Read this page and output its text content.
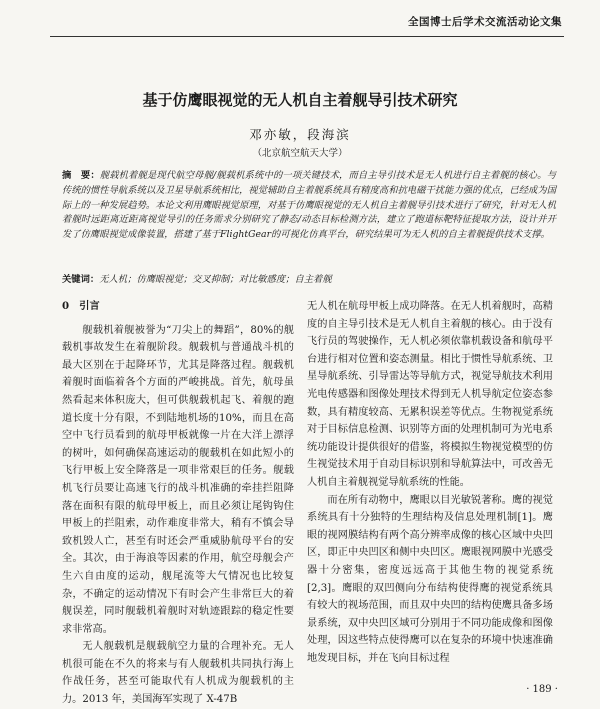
全国博士后学术交流活动论文集
基于仿鹰眼视觉的无人机自主着舰导引技术研究
邓亦敏，段海滨
（北京航空航天大学）
摘　要：舰载机着舰是现代航空母舰/舰载机系统中的一项关键技术，而自主导引技术是无人机进行自主着舰的核心。与传统的惯性导航系统以及卫星导航系统相比，视觉辅助自主着舰系统具有精度高和抗电磁干扰能力强的优点，已经成为国际上的一种发展趋势。本论文利用鹰眼视觉原理，对基于仿鹰眼视觉的无人机自主着舰导引技术进行了研究，针对无人机着舰时远距离近距离视觉导引的任务需求分别研究了静态/动态目标检测方法，建立了跑道标靶特征提取方法，设计并开发了仿鹰眼视觉成像装置，搭建了基于FlightGear的可视化仿真平台，研究结果可为无人机的自主着舰提供技术支撑。
关键词：无人机；仿鹰眼视觉；交叉抑制；对比敏感度；自主着舰
0　引言

舰载机着舰被誉为“刀尖上的舞蹈”，80%的舰载机事故发生在着舰阶段。舰载机与普通战斗机的最大区别在于起降环节，尤其是降落过程。舰载机着舰时面临着各个方面的严峻挑战。首先，航母虽然看起来体积庞大，但可供舰载机起飞、着舰的跑道长度十分有限，不到陆地机场的10%，而且在高空中飞行员看到的航母甲板就像一片在大洋上漂浮的树叶，如何确保高速运动的舰载机在如此短小的飞行甲板上安全降落是一项非常艰巨的任务。舰载机飞行员要让高速飞行的战斗机准确的牵挂拦阻降落在面积有限的航母甲板上，而且必须让尾钩钩住甲板上的拦阻索，动作难度非常大，稍有不慎会导致机毁人亡，甚至有时还会严重威胁航母平台的安全。其次，由于海浪等因素的作用，航空母舰会产生六自由度的运动，舰尾流等大气情况也比较复杂，不确定的运动情况下有时会产生非常巨大的着舰误差，同时舰载机着舰时对轨迹跟踪的稳定性要求非常高。

无人舰载机是舰载航空力量的合理补充。无人机很可能在不久的将来与有人舰载机共同执行海上作战任务，甚至可能取代有人机成为舰载机的主力。2013 年，美国海军实现了 X-47B

无人机在航母甲板上成功降落。在无人机着舰时，高精度的自主导引技术是无人机自主着舰的核心。由于没有飞行员的驾驶操作，无人机必须依靠机载设备和航母平台进行相对位置和姿态测量。相比于惯性导航系统、卫星导航系统、引导雷达等导航方式，视觉导航技术利用光电传感器和图像处理技术得到无人机导航定位姿态参数，具有精度较高、无累积误差等优点。生物视觉系统对于目标信息检测、识别等方面的处理机制可为光电系统功能设计提供很好的借鉴，将模拟生物视觉模型的仿生视觉技术用于自动目标识别和导航算法中，可改善无人机自主着舰视觉导航系统的性能。

而在所有动物中，鹰眼以目光敏锐著称。鹰的视觉系统具有十分独特的生理结构及信息处理机制[1]。鹰眼的视网膜结构有两个高分辨率成像的核心区域中央凹区，即正中央凹区和侧中央凹区。鹰眼视网膜中光感受器十分密集，密度远远高于其他生物的视觉系统[2,3]。鹰眼的双凹侧向分布结构使得鹰的视觉系统具有较大的视场范围，而且双中央凹的结构使鹰具备多场景系统，双中央凹区域可分别用于不同功能成像和图像处理，因这些特点使得鹰可以在复杂的环境中快速准确地发现目标，并在飞向目标过程

· 189 ·
